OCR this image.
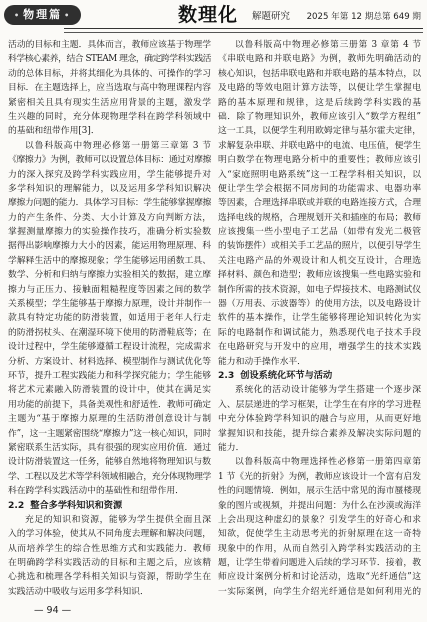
• 物理篇 •	数理化 解题研究 2025 年第 12 期总第 649 期
活动的目标和主题．具体而言，教师应该基于物理学
科学核心素养，结合 STEAM 理念，确定跨学科实践活
动的总体目标，并将其细化为具体的、可操作的学习
目标．在主题选择上，应当选取与高中物理课程内容
紧密相关且具有现实生活应用背景的主题，激发学
生兴趣的同时，充分体现物理学科在跨学科领域中
的基础和纽带作用[3]．
以鲁科版高中物理必修第一册第三章第 3 节
《摩擦力》为例，教师可以设置总体目标：通过对摩擦
力的深入探究及跨学科实践应用，学生能够提升对
多学科知识的理解能力，以及运用多学科知识解决
摩擦力问题的能力．具体学习目标：学生能够掌握摩擦
力的产生条件、分类、大小计算及方向判断方法，
掌握测量摩擦力的实验操作技巧，准确分析实验数
据得出影响摩擦力大小的因素，能运用物理原理、科
学解释生活中的摩擦现象；学生能够运用函数工具、
数学、分析和归纳与摩擦力实验相关的数据，建立摩
擦力与正压力、接触面粗糙程度等因素之间的数学
关系模型；学生能够基于摩擦力原理，设计并制作一
款具有特定功能的防滑装置，如适用于老年人行走
的防滑拐杖头、在潮湿环境下使用的防滑鞋底等；在
设计过程中，学生能够遵循工程设计流程，完成需求
分析、方案设计、材料选择、模型制作与测试优化等
环节，提升工程实践能力和科学探究能力；学生能够
将艺术元素融入防滑装置的设计中，使其在满足实
用功能的前提下，具备美观性和舒适性．教师可确定
主题为“基于摩擦力原理的生活防滑创意设计与制
作”，这一主题紧密围绕“摩擦力”这一核心知识，同时
紧密联系生活实际，具有很强的现实应用价值．通过
设计防滑装置这一任务，能够自然地将物理知识与数
学、工程以及艺术等学科领域相融合，充分体现物理学
科在跨学科实践活动中的基础性和纽带作用．
2.2 整合多学科知识和资源
充足的知识和资源，能够为学生提供全面且深
入的学习体验，使其从不同角度去理解和解决问题，
从而培养学生的综合性思维方式和实践能力．教师
在明确跨学科实践活动的目标和主题之后，应该精
心挑选和梳理各学科相关知识与资源，帮助学生在
实践活动中吸收与运用多学科知识．
以鲁科版高中物理必修第三册第 3 章第 4 节
《串联电路和并联电路》为例，教师先明确活动的
核心知识，包括串联电路和并联电路的基本特点，以
及电路的等效电阻计算方法等，以便让学生掌握电
路的基本原理和规律，这是后续跨学科实践的基
础．除了物理知识外，教师应该引入“数学方程组”
这一工具，以便学生利用欧姆定律与基尔霍夫定律，
求解复杂串联、并联电路中的电流、电压值，便学生
明白数学在物理电路分析中的重要性；教师应该引
入“家庭照明电路系统”这一工程学科相关知识，以
便让学生学会根据不同房间的功能需求、电器功率
等因素，合理选择串联或并联的电路连接方式，合理
选择电线的规格，合理规划开关和插座的布局；教师
应该搜集一些小型电子工艺品（如带有发光二极管
的装饰摆件）或相关手工艺品的照片，以便引导学生
关注电路产品的外观设计和人机交互设计，合理选
择材料、颜色和造型；教师应该搜集一些电路实验和
制作所需的技术资源，如电子焊接技术、电路测试仪
器（万用表、示波器等）的使用方法，以及电路设计
软件的基本操作，让学生能够将理论知识转化为实
际的电路制作和调试能力，熟悉现代电子技术手段
在电路研究与开发中的应用，增强学生的技术实践
能力和动手操作水平．
2.3 创设系统化环节与活动
系统化的活动设计能够为学生搭建一个逐步深
入、层层递进的学习框架，让学生在有序的学习进程
中充分体验跨学科知识的融合与应用，从而更好地
掌握知识和技能，提升综合素养及解决实际问题的
能力．
以鲁科版高中物理选择性必修第一册第四章第
1 节《光的折射》为例，教师应该设计一个富有启发
性的问题情境．例如，展示生活中常见的海市蜃楼现
象的图片或视频，并提出问题：为什么在沙漠或海洋
上会出现这种虚幻的景象？引发学生的好奇心和求
知欲，促使学生主动思考光的折射原理在这一奇特
现象中的作用，从而自然引入跨学科实践活动的主
题，让学生带着问题进入后续的学习环节．接着，教
师应设计案例分析和讨论活动，选取“光纤通信”这
一实际案例，向学生介绍光纤通信是如何利用光的
— 94 —
